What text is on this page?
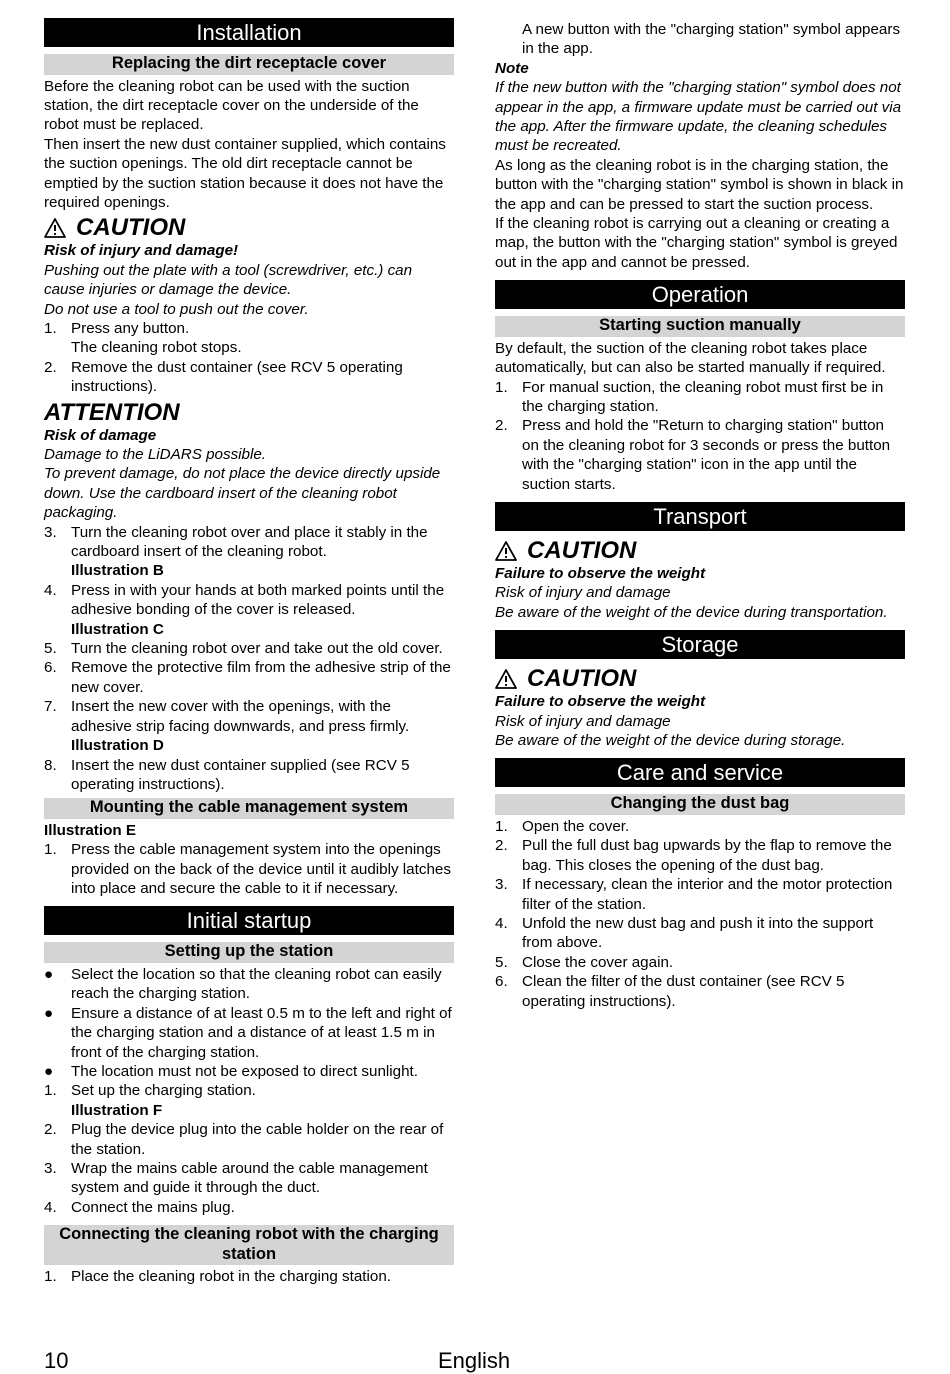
Installation
Replacing the dirt receptacle cover

Before the cleaning robot can be used with the suction station, the dirt receptacle cover on the underside of the robot must be replaced.

Then insert the new dust container supplied, which contains the suction openings. The old dirt receptacle cannot be emptied by the suction station because it does not have the required openings.

CAUTION

Risk of injury and damage!

Pushing out the plate with a tool (screwdriver, etc.) can cause injuries or damage the device.

Do not use a tool to push out the cover.

1. Press any button.

The cleaning robot stops.

2. Remove the dust container (see RCV 5 operating instructions).
ATTENTION

Risk of damage

Damage to the LiDARS possible.

To prevent damage, do not place the device directly upside down. Use the cardboard insert of the cleaning robot packaging.

3. Turn the cleaning robot over and place it stably in the cardboard insert of the cleaning robot.

Illustration B

4. Press in with your hands at both marked points until the adhesive bonding of the cover is released.

Illustration C

5. Turn the cleaning robot over and take out the old cover.
6. Remove the protective film from the adhesive strip of the new cover.
7. Insert the new cover with the openings, with the adhesive strip facing downwards, and press firmly.

Illustration D

8. Insert the new dust container supplied (see RCV 5 operating instructions).
Mounting the cable management system

Illustration E

1. Press the cable management system into the openings provided on the back of the device until it audibly latches into place and secure the cable to it if necessary.
Initial startup
Setting up the station
●	Select the location so that the cleaning robot can easily reach the charging station.
●	Ensure a distance of at least 0.5 m to the left and right of the charging station and a distance of at least 1.5 m in front of the charging station.
●	The location must not be exposed to direct sunlight.
1. Set up the charging station.

Illustration F

2. Plug the device plug into the cable holder on the rear of the station.
3. Wrap the mains cable around the cable management system and guide it through the duct.
4. Connect the mains plug.
Connecting the cleaning robot with the charging station
1. Place the cleaning robot in the charging station.

A new button with the "charging station" symbol appears in the app.

Note

If the new button with the "charging station" symbol does not appear in the app, a firmware update must be carried out via the app. After the firmware update, the cleaning schedules must be recreated.

As long as the cleaning robot is in the charging station, the button with the "charging station" symbol is shown in black in the app and can be pressed to start the suction process.

If the cleaning robot is carrying out a cleaning or creating a map, the button with the "charging station" symbol is greyed out in the app and cannot be pressed.

Operation
Starting suction manually

By default, the suction of the cleaning robot takes place automatically, but can also be started manually if required.

1. For manual suction, the cleaning robot must first be in the charging station.
2. Press and hold the "Return to charging station" button on the cleaning robot for 3 seconds or press the button with the "charging station" icon in the app until the suction starts.
Transport
CAUTION

Failure to observe the weight

Risk of injury and damage

Be aware of the weight of the device during transportation.

Storage
CAUTION

Failure to observe the weight

Risk of injury and damage

Be aware of the weight of the device during storage.

Care and service
Changing the dust bag
1. Open the cover.
2. Pull the full dust bag upwards by the flap to remove the bag. This closes the opening of the dust bag.
3. If necessary, clean the interior and the motor protection filter of the station.
4. Unfold the new dust bag and push it into the support from above.
5. Close the cover again.
6. Clean the filter of the dust container (see RCV 5 operating instructions).
10	English
